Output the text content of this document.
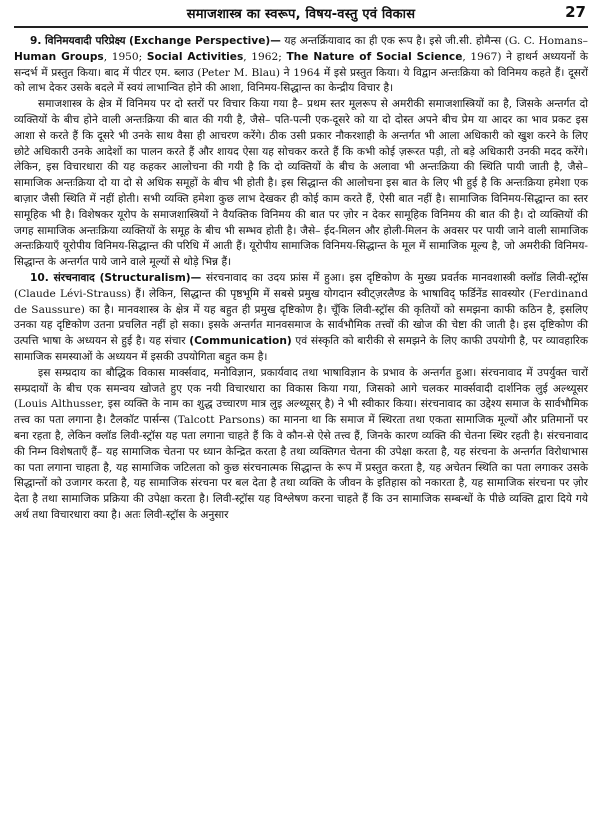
समाजशास्त्र का स्वरूप, विषय-वस्तु एवं विकास	27

9. विनिमयवादी परिप्रेक्ष्य (Exchange Perspective)— यह अन्तर्क्रियावाद का ही एक रूप है। इसे जी.सी. होमैन्स (G. C. Homans– Human Groups, 1950; Social Activities, 1962; The Nature of Social Science, 1967) ने हाथर्न अध्ययनों के सन्दर्भ में प्रस्तुत किया। बाद में पीटर एम. ब्लाउ (Peter M. Blau) ने 1964 में इसे प्रस्तुत किया। ये विद्वान अन्तःक्रिया को विनिमय कहते हैं। दूसरों को लाभ देकर उसके बदले में स्वयं लाभान्वित होने की आशा, विनिमय-सिद्धान्त का केन्द्रीय विचार है।

समाजशास्त्र के क्षेत्र में विनिमय पर दो स्तरों पर विचार किया गया है– प्रथम स्तर मूलरूप से अमरीकी समाजशास्त्रियों का है, जिसके अन्तर्गत दो व्यक्तियों के बीच होने वाली अन्तःक्रिया की बात की गयी है, जैसे– पति-पत्नी एक-दूसरे को या दो दोस्त अपने बीच प्रेम या आदर का भाव प्रकट इस आशा से करते हैं कि दूसरे भी उनके साथ वैसा ही आचरण करेंगे। ठीक उसी प्रकार नौकरशाही के अन्तर्गत भी आला अधिकारी को खुश करने के लिए छोटे अधिकारी उनके आदेशों का पालन करते हैं और शायद ऐसा यह सोचकर करते हैं कि कभी कोई ज़रूरत पड़ी, तो बड़े अधिकारी उनकी मदद करेंगे। लेकिन, इस विचारधारा की यह कहकर आलोचना की गयी है कि दो व्यक्तियों के बीच के अलावा भी अन्तःक्रिया की स्थिति पायी जाती है, जैसे– सामाजिक अन्तःक्रिया दो या दो से अधिक समूहों के बीच भी होती है। इस सिद्धान्त की आलोचना इस बात के लिए भी हुई है कि अन्तःक्रिया हमेशा एक बाज़ार जैसी स्थिति में नहीं होती। सभी व्यक्ति हमेशा कुछ लाभ देखकर ही कोई काम करते हैं, ऐसी बात नहीं है। सामाजिक विनिमय-सिद्धान्त का स्तर सामूहिक भी है। विशेषकर यूरोप के समाजशास्त्रियों ने वैयक्तिक विनिमय की बात पर ज़ोर न देकर सामूहिक विनिमय की बात की है। दो व्यक्तियों की जगह सामाजिक अन्तःक्रिया व्यक्तियों के समूह के बीच भी सम्भव होती है। जैसे– ईद-मिलन और होली-मिलन के अवसर पर पायी जाने वाली सामाजिक अन्तःक्रियाएँ यूरोपीय विनिमय-सिद्धान्त की परिधि में आती हैं। यूरोपीय सामाजिक विनिमय-सिद्धान्त के मूल में सामाजिक मूल्य है, जो अमरीकी विनिमय-सिद्धान्त के अन्तर्गत पाये जाने वाले मूल्यों से थोड़े भिन्न हैं।

10. संरचनावाद (Structuralism)— संरचनावाद का उदय फ्रांस में हुआ। इस दृष्टिकोण के मुख्य प्रवर्तक मानवशास्त्री क्लॉड लिवी-स्ट्रॉस (Claude Lévi-Strauss) हैं। लेकिन, सिद्धान्त की पृष्ठभूमि में सबसे प्रमुख योगदान स्वीट्ज़रलैण्ड के भाषाविद् फर्डिनेंड सावस्योर (Ferdinand de Saussure) का है। मानवशास्त्र के क्षेत्र में यह बहुत ही प्रमुख दृष्टिकोण है। चूँकि लिवी-स्ट्रॉस की कृतियों को समझना काफी कठिन है, इसलिए उनका यह दृष्टिकोण उतना प्रचलित नहीं हो सका। इसके अन्तर्गत मानवसमाज के सार्वभौमिक तत्त्वों की खोज की चेष्टा की जाती है। इस दृष्टिकोण की उत्पत्ति भाषा के अध्ययन से हुई है। यह संचार (Communication) एवं संस्कृति को बारीकी से समझने के लिए काफी उपयोगी है, पर व्यावहारिक सामाजिक समस्याओं के अध्ययन में इसकी उपयोगिता बहुत कम है।

इस सम्प्रदाय का बौद्धिक विकास मार्क्सवाद, मनोविज्ञान, प्रकार्यवाद तथा भाषाविज्ञान के प्रभाव के अन्तर्गत हुआ। संरचनावाद में उपर्युक्त चारों सम्प्रदायों के बीच एक समन्वय खोजते हुए एक नयी विचारधारा का विकास किया गया, जिसको आगे चलकर मार्क्सवादी दार्शनिक लुई अल्थ्यूसर (Louis Althusser, इस व्यक्ति के नाम का शुद्ध उच्चारण मात्र लुइ अल्थ्यूसर् है) ने भी स्वीकार किया। संरचनावाद का उद्देश्य समाज के सार्वभौमिक तत्त्व का पता लगाना है। टैलकॉट पार्सन्स (Talcott Parsons) का मानना था कि समाज में स्थिरता तथा एकता सामाजिक मूल्यों और प्रतिमानों पर बना रहता है, लेकिन क्लॉड लिवी-स्ट्रॉस यह पता लगाना चाहते हैं कि वे कौन-से ऐसे तत्त्व हैं, जिनके कारण व्यक्ति की चेतना स्थिर रहती है। संरचनावाद की निम्न विशेषताएँ हैं– यह सामाजिक चेतना पर ध्यान केन्द्रित करता है तथा व्यक्तिगत चेतना की उपेक्षा करता है, यह संरचना के अन्तर्गत विरोधाभास का पता लगाना चाहता है, यह सामाजिक जटिलता को कुछ संरचनात्मक सिद्धान्त के रूप में प्रस्तुत करता है, यह अचेतन स्थिति का पता लगाकर उसके सिद्धान्तों को उजागर करता है, यह सामाजिक संरचना पर बल देता है तथा व्यक्ति के जीवन के इतिहास को नकारता है, यह सामाजिक संरचना पर ज़ोर देता है तथा सामाजिक प्रक्रिया की उपेक्षा करता है। लिवी-स्ट्रॉस यह विश्लेषण करना चाहते हैं कि उन सामाजिक सम्बन्धों के पीछे व्यक्ति द्वारा दिये गये अर्थ तथा विचारधारा क्या है। अतः लिवी-स्ट्रॉस के अनुसार
